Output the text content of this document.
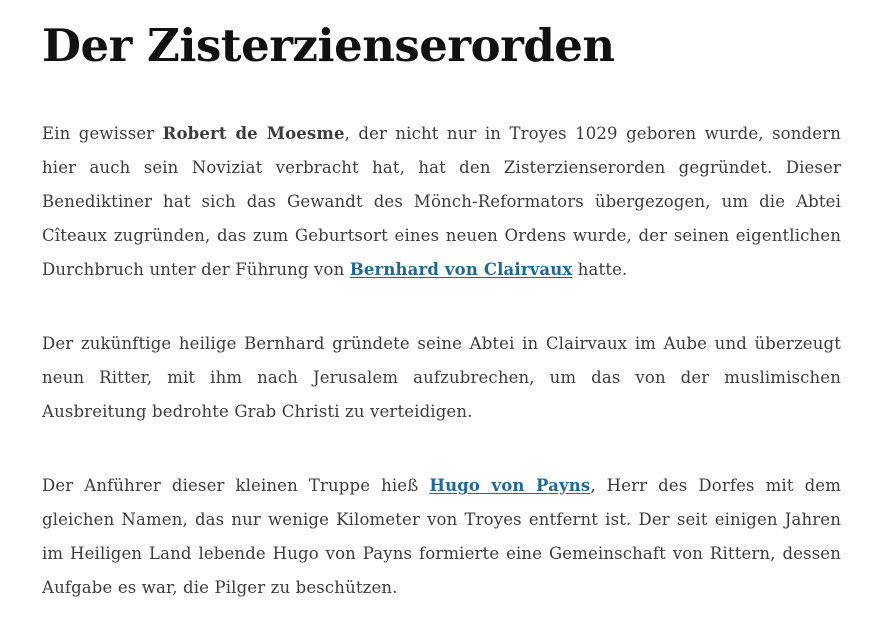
Der Zisterzienserorden

Ein gewisser Robert de Moesme, der nicht nur in Troyes 1029 geboren wurde, sondern hier auch sein Noviziat verbracht hat, hat den Zisterzienserorden gegründet. Dieser Benediktiner hat sich das Gewandt des Mönch-Reformators übergezogen, um die Abtei Cîteaux zugründen, das zum Geburtsort eines neuen Ordens wurde, der seinen eigentlichen Durchbruch unter der Führung von Bernhard von Clairvaux hatte.

Der zukünftige heilige Bernhard gründete seine Abtei in Clairvaux im Aube und überzeugt neun Ritter, mit ihm nach Jerusalem aufzubrechen, um das von der muslimischen Ausbreitung bedrohte Grab Christi zu verteidigen.

Der Anführer dieser kleinen Truppe hieß Hugo von Payns, Herr des Dorfes mit dem gleichen Namen, das nur wenige Kilometer von Troyes entfernt ist. Der seit einigen Jahren im Heiligen Land lebende Hugo von Payns formierte eine Gemeinschaft von Rittern, dessen Aufgabe es war, die Pilger zu beschützen.
